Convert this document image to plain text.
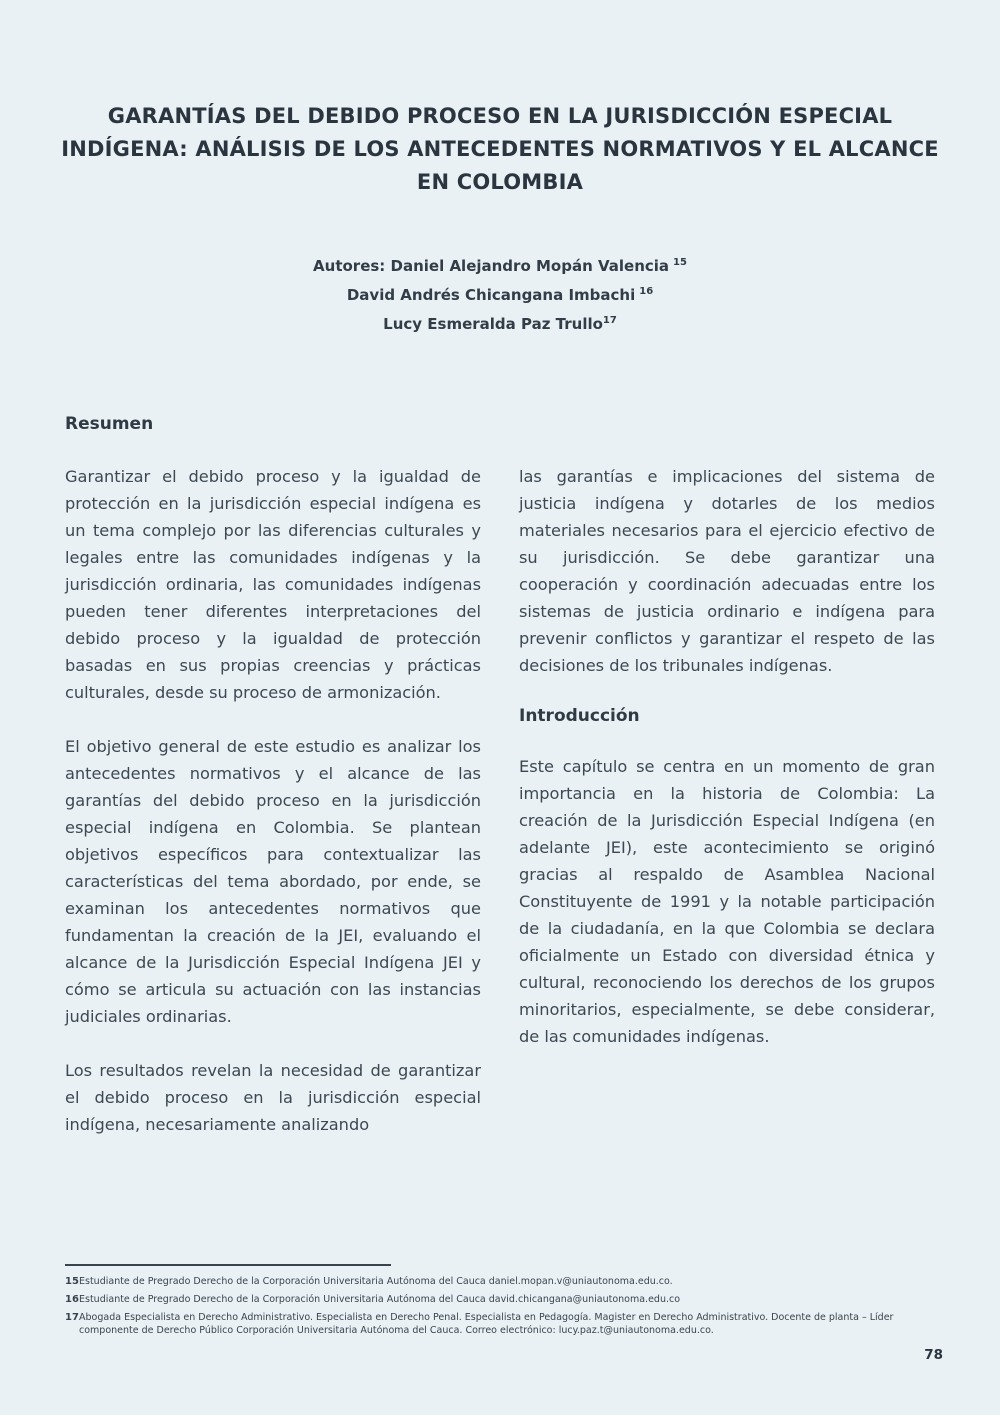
GARANTÍAS DEL DEBIDO PROCESO EN LA JURISDICCIÓN ESPECIAL INDÍGENA: ANÁLISIS DE LOS ANTECEDENTES NORMATIVOS Y EL ALCANCE EN COLOMBIA
Autores: Daniel Alejandro Mopán Valencia $^{15}$
David Andrés Chicangana Imbachi $^{16}$
Lucy Esmeralda Paz Trullo$^{17}$
Resumen

Garantizar el debido proceso y la igualdad de protección en la jurisdicción especial indígena es un tema complejo por las diferencias culturales y legales entre las comunidades indígenas y la jurisdicción ordinaria, las comunidades indígenas pueden tener diferentes interpretaciones del debido proceso y la igualdad de protección basadas en sus propias creencias y prácticas culturales, desde su proceso de armonización.

El objetivo general de este estudio es analizar los antecedentes normativos y el alcance de las garantías del debido proceso en la jurisdicción especial indígena en Colombia. Se plantean objetivos específicos para contextualizar las características del tema abordado, por ende, se examinan los antecedentes normativos que fundamentan la creación de la JEI, evaluando el alcance de la Jurisdicción Especial Indígena JEI y cómo se articula su actuación con las instancias judiciales ordinarias.

Los resultados revelan la necesidad de garantizar el debido proceso en la jurisdicción especial indígena, necesariamente analizando

las garantías e implicaciones del sistema de justicia indígena y dotarles de los medios materiales necesarios para el ejercicio efectivo de su jurisdicción. Se debe garantizar una cooperación y coordinación adecuadas entre los sistemas de justicia ordinario e indígena para prevenir conflictos y garantizar el respeto de las decisiones de los tribunales indígenas.

Introducción

Este capítulo se centra en un momento de gran importancia en la historia de Colombia: La creación de la Jurisdicción Especial Indígena (en adelante JEI), este acontecimiento se originó gracias al respaldo de Asamblea Nacional Constituyente de 1991 y la notable participación de la ciudadanía, en la que Colombia se declara oficialmente un Estado con diversidad étnica y cultural, reconociendo los derechos de los grupos minoritarios, especialmente, se debe considerar, de las comunidades indígenas.

15 Estudiante de Pregrado Derecho de la Corporación Universitaria Autónoma del Cauca daniel.mopan.v@uniautonoma.edu.co.
16 Estudiante de Pregrado Derecho de la Corporación Universitaria Autónoma del Cauca david.chicangana@uniautonoma.edu.co
17 Abogada Especialista en Derecho Administrativo. Especialista en Derecho Penal. Especialista en Pedagogía. Magister en Derecho Administrativo. Docente de planta – Líder componente de Derecho Público Corporación Universitaria Autónoma del Cauca. Correo electrónico: lucy.paz.t@uniautonoma.edu.co.
78
